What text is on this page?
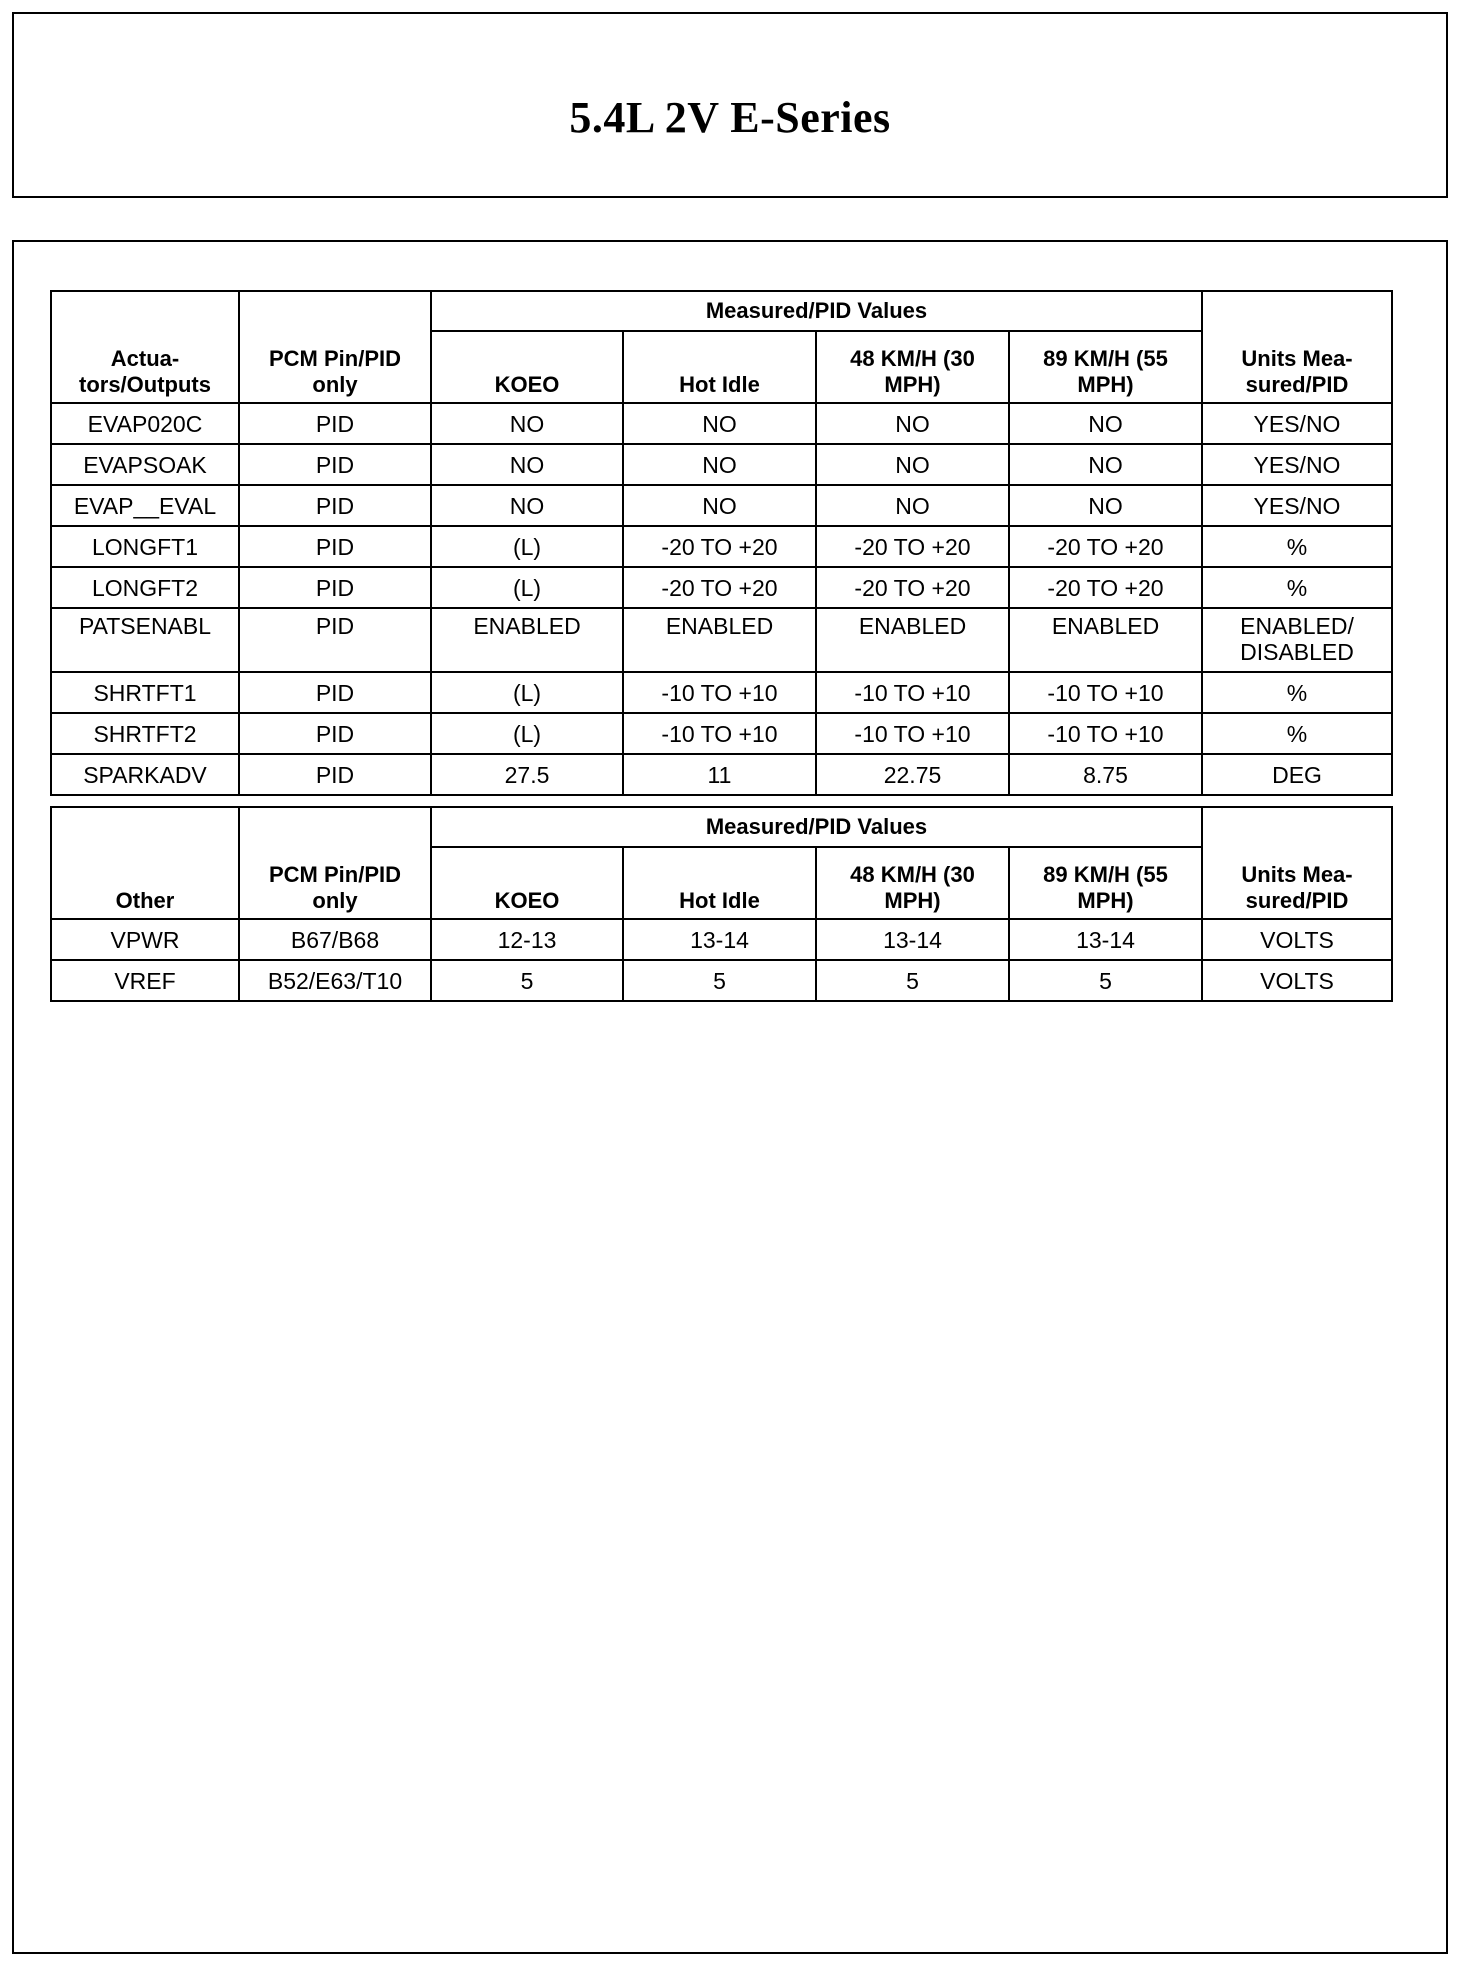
5.4L 2V E-Series
Actua-tors/Outputs	PCM Pin/PID only	Measured/PID Values				Units Mea-sured/PID
		KOEO	Hot Idle	48 KM/H (30 MPH)	89 KM/H (55 MPH)	
EVAP020C	PID	NO	NO	NO	NO	YES/NO
EVAPSOAK	PID	NO	NO	NO	NO	YES/NO
EVAP__EVAL	PID	NO	NO	NO	NO	YES/NO
LONGFT1	PID	(L)	-20 TO +20	-20 TO +20	-20 TO +20	%
LONGFT2	PID	(L)	-20 TO +20	-20 TO +20	-20 TO +20	%
PATSENABL	PID	ENABLED	ENABLED	ENABLED	ENABLED	ENABLED/ DISABLED
SHRTFT1	PID	(L)	-10 TO +10	-10 TO +10	-10 TO +10	%
SHRTFT2	PID	(L)	-10 TO +10	-10 TO +10	-10 TO +10	%
SPARKADV	PID	27.5	11	22.75	8.75	DEG
Other	PCM Pin/PID only	Measured/PID Values				Units Mea-sured/PID
		KOEO	Hot Idle	48 KM/H (30 MPH)	89 KM/H (55 MPH)	
VPWR	B67/B68	12-13	13-14	13-14	13-14	VOLTS
VREF	B52/E63/T10	5	5	5	5	VOLTS
